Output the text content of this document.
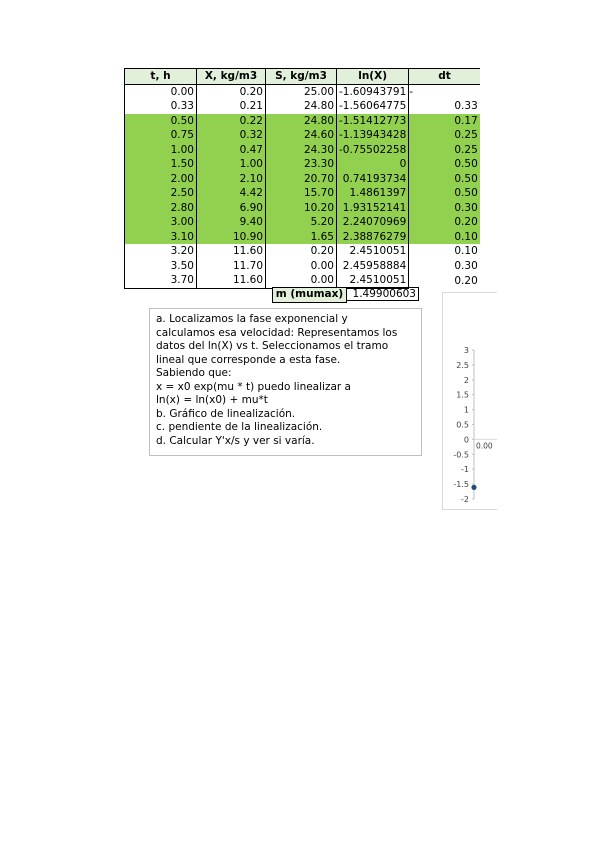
t, h	X, kg/m3	S, kg/m3	ln(X)	dt
0.00	0.20	25.00	-1.60943791	-
0.33	0.21	24.80	-1.56064775	0.33
0.50	0.22	24.80	-1.51412773	0.17
0.75	0.32	24.60	-1.13943428	0.25
1.00	0.47	24.30	-0.75502258	0.25
1.50	1.00	23.30	0	0.50
2.00	2.10	20.70	0.74193734	0.50
2.50	4.42	15.70	1.4861397	0.50
2.80	6.90	10.20	1.93152141	0.30
3.00	9.40	5.20	2.24070969	0.20
3.10	10.90	1.65	2.38876279	0.10
3.20	11.60	0.20	2.4510051	0.10
3.50	11.70	0.00	2.45958884	0.30
3.70	11.60	0.00	2.4510051	0.20
m (mumax) 1.49900603
a. Localizamos la fase exponencial y
calculamos esa velocidad: Representamos los
datos del ln(X) vs t. Seleccionamos el tramo
lineal que corresponde a esta fase.
Sabiendo que:
x = x0 exp(mu * t) puedo linealizar a
ln(x) = ln(x0) + mu*t
b. Gráfico de linealización.
c. pendiente de la linealización.
d. Calcular Y'x/s y ver si varía.
3
2.5
2
1.5
1
0.5
0
-0.5
-1
-1.5
-2
0.00
